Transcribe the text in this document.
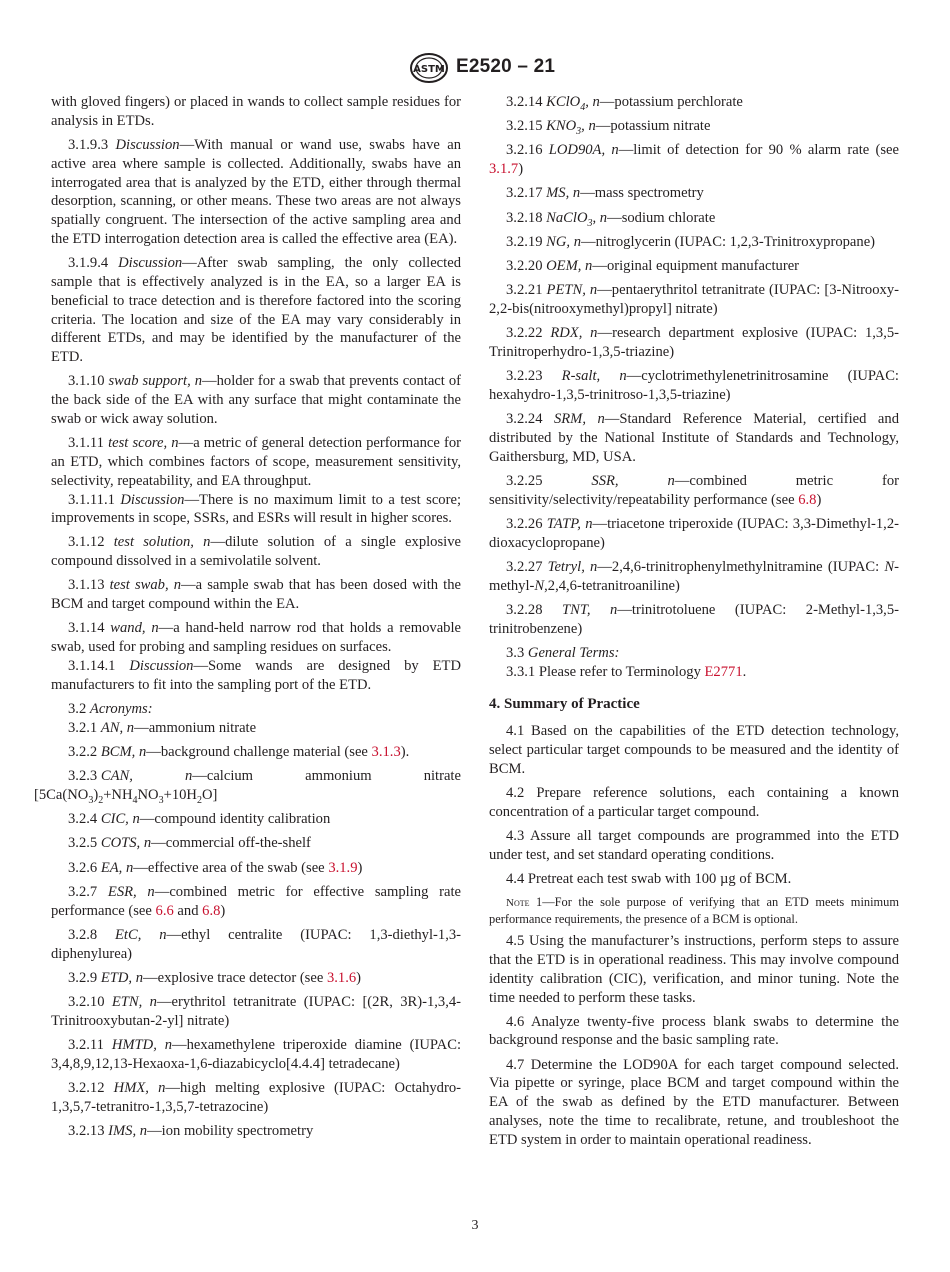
ASTM E2520 – 21

with gloved fingers) or placed in wands to collect sample residues for analysis in ETDs.

3.1.9.3 Discussion—With manual or wand use, swabs have an active area where sample is collected. Additionally, swabs have an interrogated area that is analyzed by the ETD, either through thermal desorption, scanning, or other means. These two areas are not always spatially congruent. The intersection of the active sampling area and the ETD interrogation detection area is called the effective area (EA).

3.1.9.4 Discussion—After swab sampling, the only collected sample that is effectively analyzed is in the EA, so a larger EA is beneficial to trace detection and is therefore factored into the scoring criteria. The location and size of the EA may vary considerably in different ETDs, and may be identified by the manufacturer of the ETD.

3.1.10 swab support, n—holder for a swab that prevents contact of the back side of the EA with any surface that might contaminate the swab or wick away solution.

3.1.11 test score, n—a metric of general detection performance for an ETD, which combines factors of scope, measurement sensitivity, selectivity, repeatability, and EA throughput.

3.1.11.1 Discussion—There is no maximum limit to a test score; improvements in scope, SSRs, and ESRs will result in higher scores.

3.1.12 test solution, n—dilute solution of a single explosive compound dissolved in a semivolatile solvent.

3.1.13 test swab, n—a sample swab that has been dosed with the BCM and target compound within the EA.

3.1.14 wand, n—a hand-held narrow rod that holds a removable swab, used for probing and sampling residues on surfaces.

3.1.14.1 Discussion—Some wands are designed by ETD manufacturers to fit into the sampling port of the ETD.

3.2 Acronyms:

3.2.1 AN, n—ammonium nitrate

3.2.2 BCM, n—background challenge material (see 3.1.3).

3.2.3 CAN,	n—calcium	ammonium	nitrate
$[5Ca(NO_3)_2+NH_4NO_3+10H_2O]$

3.2.4 CIC, n—compound identity calibration

3.2.5 COTS, n—commercial off-the-shelf

3.2.6 EA, n—effective area of the swab (see 3.1.9)

3.2.7 ESR, n—combined metric for effective sampling rate performance (see 6.6 and 6.8)

3.2.8 EtC, n—ethyl centralite (IUPAC: 1,3-diethyl-1,3-diphenylurea)

3.2.9 ETD, n—explosive trace detector (see 3.1.6)

3.2.10 ETN, n—erythritol tetranitrate (IUPAC: [(2R, 3R)-1,3,4-Trinitrooxybutan-2-yl] nitrate)

3.2.11 HMTD, n—hexamethylene triperoxide diamine (IUPAC: 3,4,8,9,12,13-Hexaoxa-1,6-diazabicyclo[4.4.4] tetradecane)

3.2.12 HMX, n—high melting explosive (IUPAC: Octahydro-1,3,5,7-tetranitro-1,3,5,7-tetrazocine)

3.2.13 IMS, n—ion mobility spectrometry

3.2.14 KClO$_4$, n—potassium perchlorate

3.2.15 $KNO_3$, n—potassium nitrate

3.2.16 LOD90A, n—limit of detection for 90 % alarm rate (see 3.1.7)

3.2.17 MS, n—mass spectrometry

3.2.18 NaClO$_3$, n—sodium chlorate

3.2.19 NG, n—nitroglycerin (IUPAC: 1,2,3-Trinitroxypropane)

3.2.20 OEM, n—original equipment manufacturer

3.2.21 PETN, n—pentaerythritol tetranitrate (IUPAC: [3-Nitrooxy-2,2-bis(nitrooxymethyl)propyl] nitrate)

3.2.22 RDX, n—research department explosive (IUPAC: 1,3,5-Trinitroperhydro-1,3,5-triazine)

3.2.23 R-salt, n—cyclotrimethylenetrinitrosamine (IUPAC: hexahydro-1,3,5-trinitroso-1,3,5-triazine)

3.2.24 SRM, n—Standard Reference Material, certified and distributed by the National Institute of Standards and Technology, Gaithersburg, MD, USA.

3.2.25	SSR, n—combined metric for sensitivity/selectivity/repeatability performance (see 6.8)

3.2.26 TATP, n—triacetone triperoxide (IUPAC: 3,3-Dimethyl-1,2-dioxacyclopropane)

3.2.27 Tetryl, n—2,4,6-trinitrophenylmethylnitramine (IUPAC: N-methyl-N,2,4,6-tetranitroaniline)

3.2.28 TNT, n—trinitrotoluene (IUPAC: 2-Methyl-1,3,5-trinitrobenzene)

3.3 General Terms:

3.3.1 Please refer to Terminology E2771.

4. Summary of Practice

4.1 Based on the capabilities of the ETD detection technology, select particular target compounds to be measured and the identity of BCM.

4.2 Prepare reference solutions, each containing a known concentration of a particular target compound.

4.3 Assure all target compounds are programmed into the ETD under test, and set standard operating conditions.

4.4 Pretreat each test swab with 100 µg of BCM.

Note 1—For the sole purpose of verifying that an ETD meets minimum performance requirements, the presence of a BCM is optional.

4.5 Using the manufacturer’s instructions, perform steps to assure that the ETD is in operational readiness. This may involve compound identity calibration (CIC), verification, and minor tuning. Note the time needed to perform these tasks.

4.6 Analyze twenty-five process blank swabs to determine the background response and the basic sampling rate.

4.7 Determine the LOD90A for each target compound selected. Via pipette or syringe, place BCM and target compound within the EA of the swab as defined by the ETD manufacturer. Between analyses, note the time to recalibrate, retune, and troubleshoot the ETD system in order to maintain operational readiness.

3
